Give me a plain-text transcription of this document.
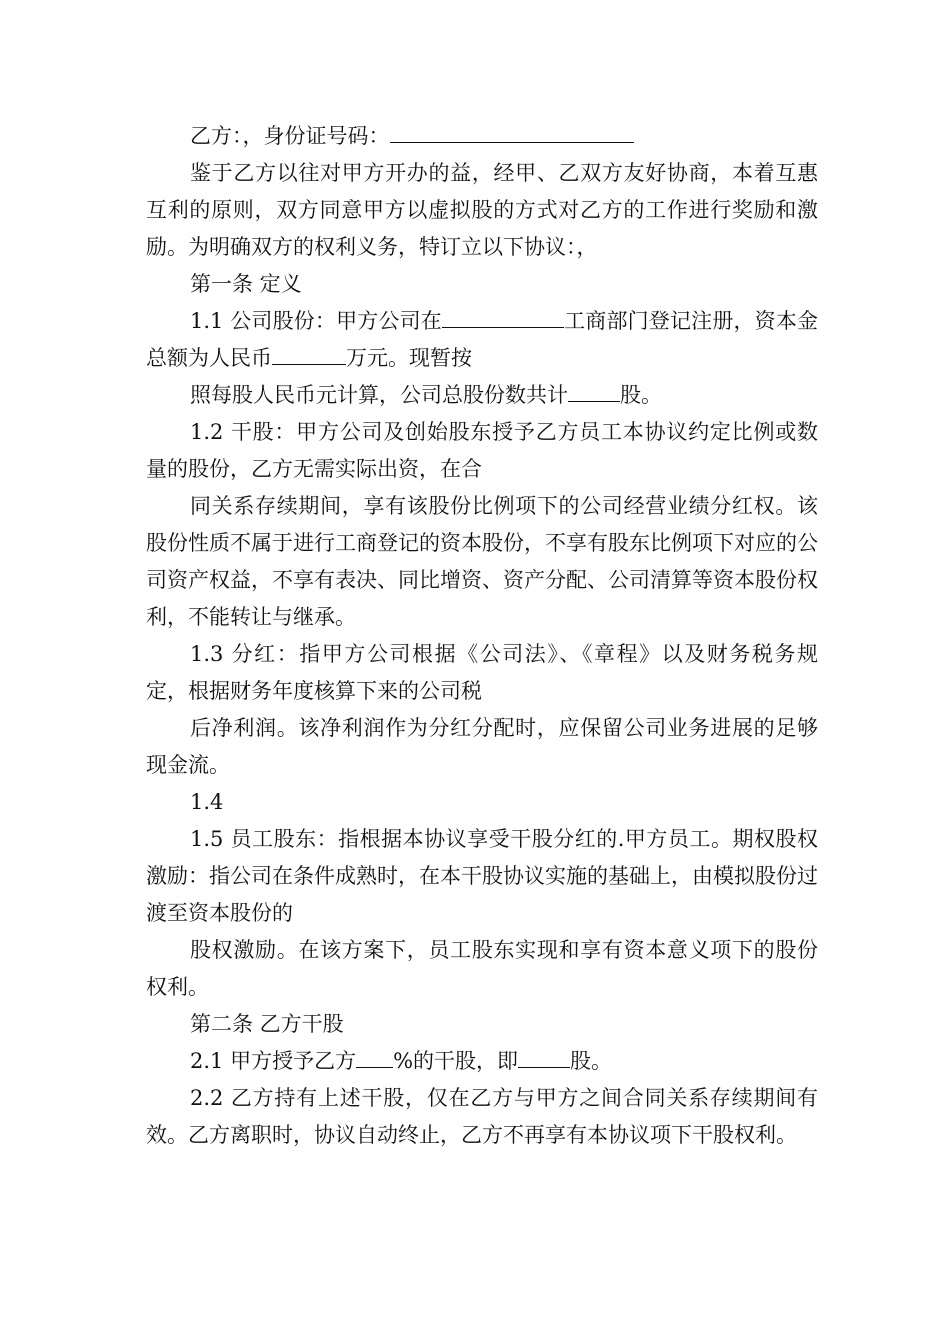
乙方：，身份证号码：

鉴于乙方以往对甲方开办的益，经甲、乙双方友好协商，本着互惠互利的原则，双方同意甲方以虚拟股的方式对乙方的工作进行奖励和激励。为明确双方的权利义务，特订立以下协议：，

第一条 定义

1.1 公司股份：甲方公司在	工商部门登记注册，资本金总额为人民币	万元。现暂按

照每股人民币元计算，公司总股份数共计 股。

1.2 干股：甲方公司及创始股东授予乙方员工本协议约定比例或数量的股份，乙方无需实际出资，在合

同关系存续期间，享有该股份比例项下的公司经营业绩分红权。该股份性质不属于进行工商登记的资本股份，不享有股东比例项下对应的公司资产权益，不享有表决、同比增资、资产分配、公司清算等资本股份权利，不能转让与继承。

1.3 分红：指甲方公司根据《公司法》、《章程》以及财务税务规定，根据财务年度核算下来的公司税

后净利润。该净利润作为分红分配时，应保留公司业务进展的足够现金流。

1.4

1.5 员工股东：指根据本协议享受干股分红的.甲方员工。期权股权激励：指公司在条件成熟时，在本干股协议实施的基础上，由模拟股份过渡至资本股份的

股权激励。在该方案下，员工股东实现和享有资本意义项下的股份权利。

第二条 乙方干股

2.1 甲方授予乙方 %的干股，即 股。

2.2 乙方持有上述干股，仅在乙方与甲方之间合同关系存续期间有效。乙方离职时，协议自动终止，乙方不再享有本协议项下干股权利。
